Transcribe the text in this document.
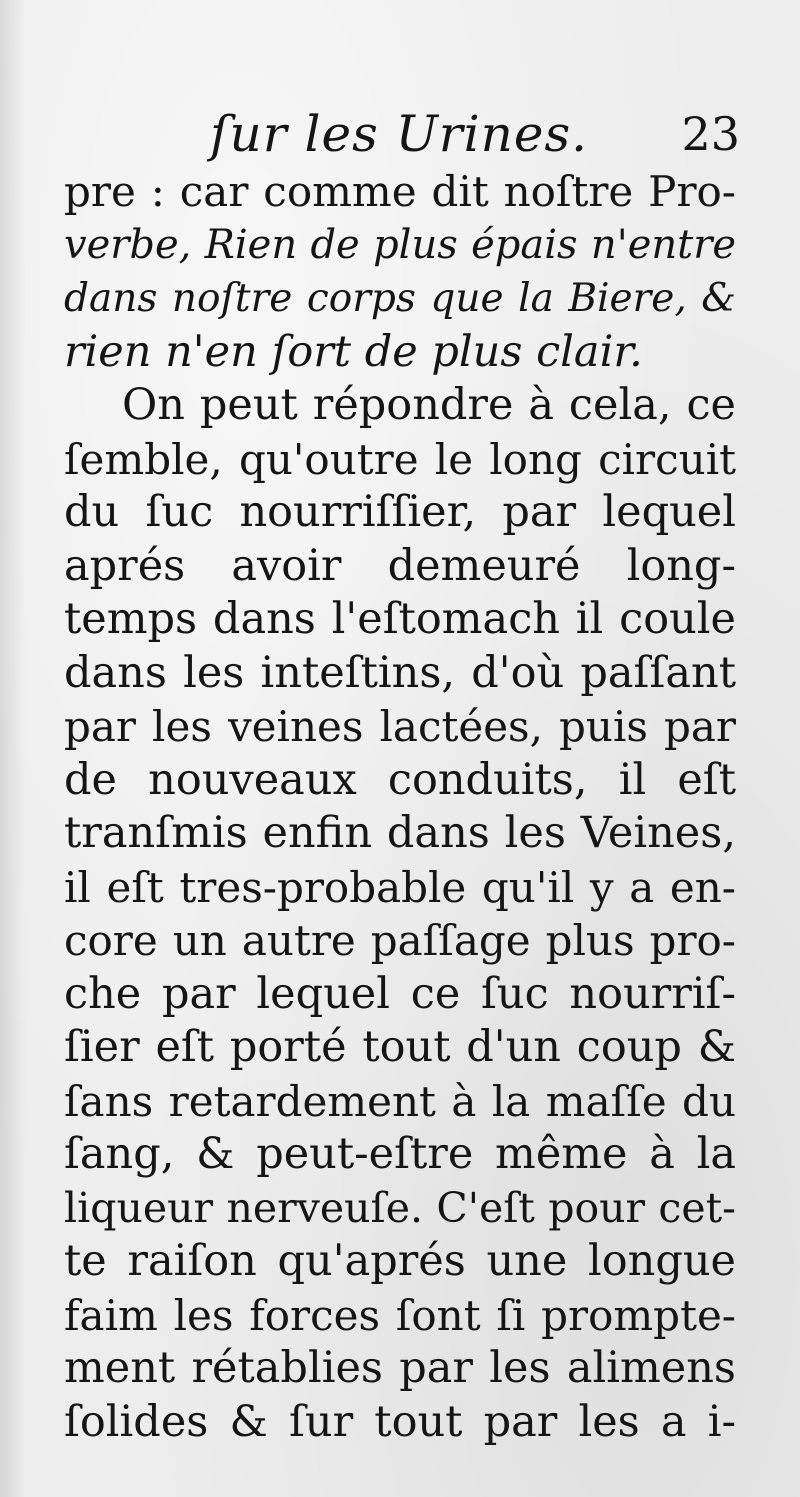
ſur les Urines. 23
pre : car comme dit noſtre Pro-
verbe, Rien de plus épais n'entre
dans noſtre corps que la Biere, &
rien n'en ſort de plus clair.
On peut répondre à cela, ce
ſemble, qu'outre le long circuit
du ſuc nourriſſier, par lequel
aprés avoir demeuré long-
temps dans l'eſtomach il coule
dans les inteſtins, d'où paſſant
par les veines lactées, puis par
de nouveaux conduits, il eſt
tranſmis enfin dans les Veines,
il eſt tres-probable qu'il y a en-
core un autre paſſage plus pro-
che par lequel ce ſuc nourriſ-
ſier eſt porté tout d'un coup &
ſans retardement à la maſſe du
ſang, & peut-eſtre même à la
liqueur nerveuſe. C'eſt pour cet-
te raiſon qu'aprés une longue
faim les forces ſont ſi prompte-
ment rétablies par les alimens
ſolides & ſur tout par les a i-
